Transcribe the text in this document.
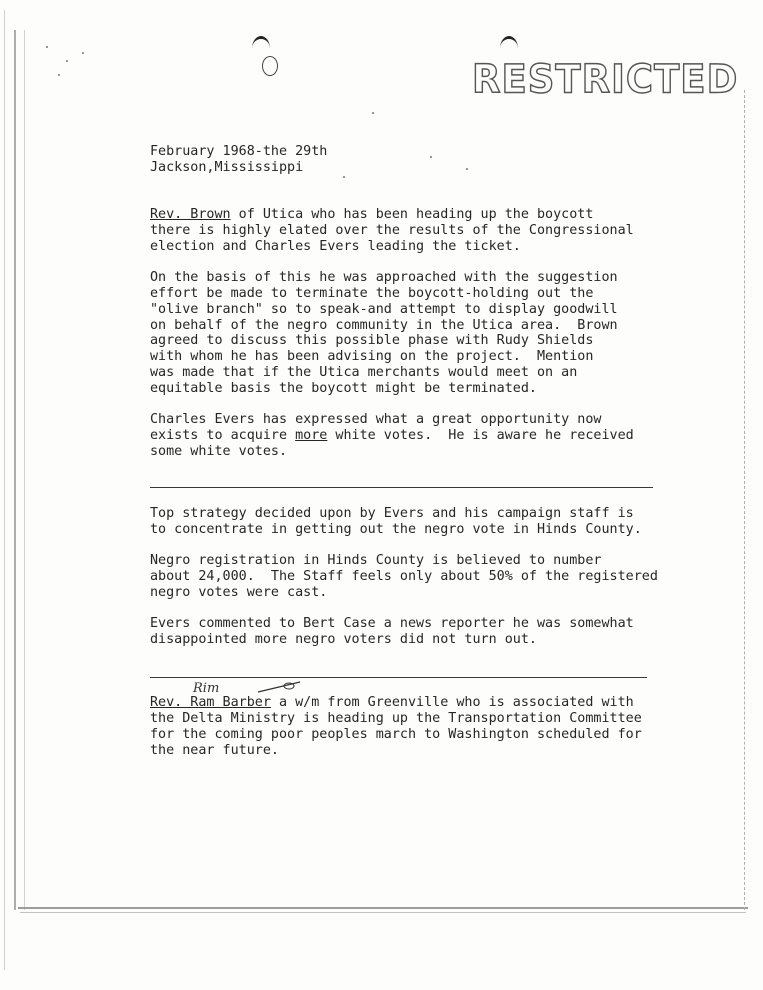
RESTRICTED
February 1968-the 29th
Jackson,Mississippi
Rev. Brown of Utica who has been heading up the boycott
there is highly elated over the results of the Congressional
election and Charles Evers leading the ticket.
On the basis of this he was approached with the suggestion
effort be made to terminate the boycott-holding out the
"olive branch" so to speak-and attempt to display goodwill
on behalf of the negro community in the Utica area.  Brown
agreed to discuss this possible phase with Rudy Shields
with whom he has been advising on the project.  Mention
was made that if the Utica merchants would meet on an
equitable basis the boycott might be terminated.
Charles Evers has expressed what a great opportunity now
exists to acquire more white votes.  He is aware he received
some white votes.
Top strategy decided upon by Evers and his campaign staff is
to concentrate in getting out the negro vote in Hinds County.
Negro registration in Hinds County is believed to number
about 24,000.  The Staff feels only about 50% of the registered
negro votes were cast.
Evers commented to Bert Case a news reporter he was somewhat
disappointed more negro voters did not turn out.
Rim
Rev. Ram Barber a w/m from Greenville who is associated with
the Delta Ministry is heading up the Transportation Committee
for the coming poor peoples march to Washington scheduled for
the near future.
